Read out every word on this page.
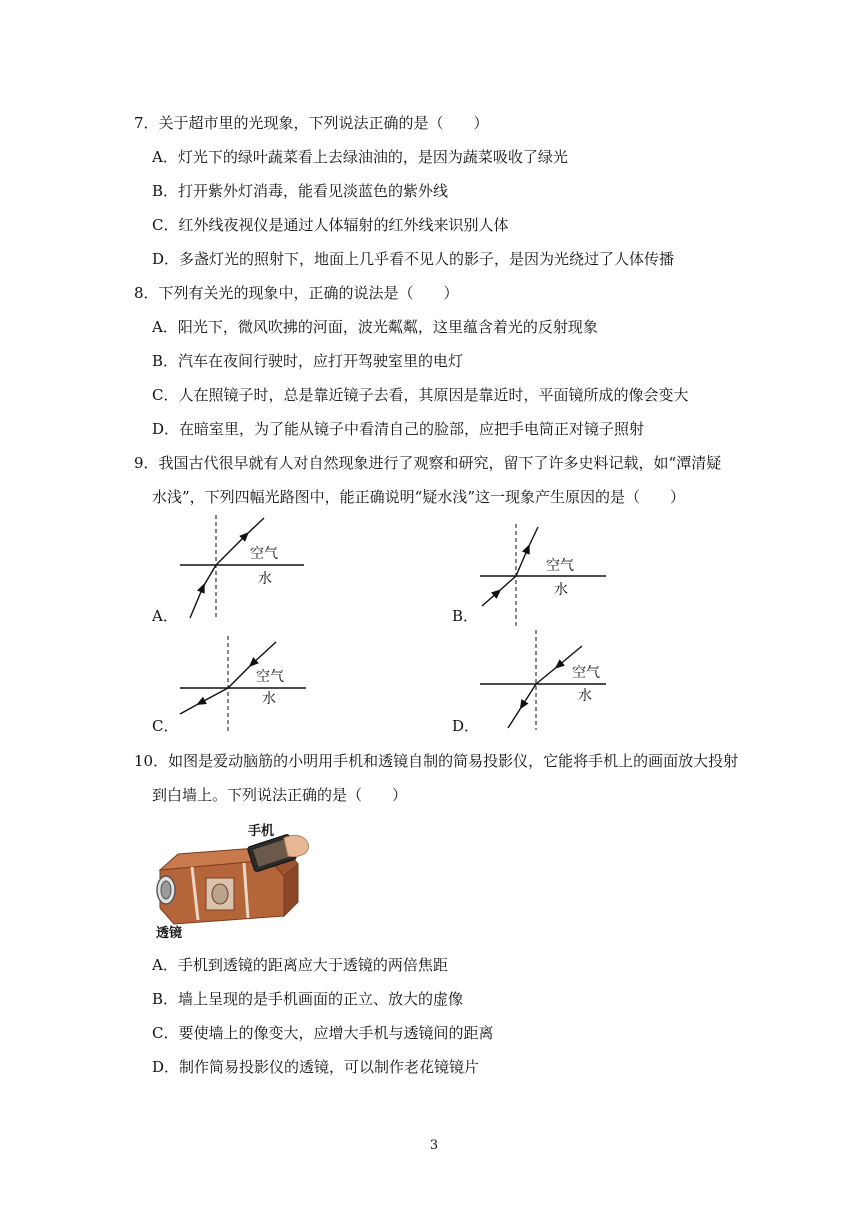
7．关于超市里的光现象，下列说法正确的是（　　）
A．灯光下的绿叶蔬菜看上去绿油油的，是因为蔬菜吸收了绿光
B．打开紫外灯消毒，能看见淡蓝色的紫外线
C．红外线夜视仪是通过人体辐射的红外线来识别人体
D．多盏灯光的照射下，地面上几乎看不见人的影子，是因为光绕过了人体传播
8．下列有关光的现象中，正确的说法是（　　）
A．阳光下，微风吹拂的河面，波光粼粼，这里蕴含着光的反射现象
C．人在照镜子时，总是靠近镜子去看，其原因是靠近时，平面镜所成的像会变大
B．汽车在夜间行驶时，应打开驾驶室里的电灯
D．在暗室里，为了能从镜子中看清自己的脸部，应把手电筒正对镜子照射
9．我国古代很早就有人对自然现象进行了观察和研究，留下了许多史料记载，如“潭清疑
水浅”，下列四幅光路图中，能正确说明“疑水浅”这一现象产生原因的是（　　）
A．
空气
水
B．
空气
水
C．
空气
水
D．
空气
水
10．如图是爱动脑筋的小明用手机和透镜自制的简易投影仪，它能将手机上的画面放大投射
到白墙上。下列说法正确的是（　　）
手机
透镜
A．手机到透镜的距离应大于透镜的两倍焦距
B．墙上呈现的是手机画面的正立、放大的虚像
C．要使墙上的像变大，应增大手机与透镜间的距离
D．制作简易投影仪的透镜，可以制作老花镜镜片
3
